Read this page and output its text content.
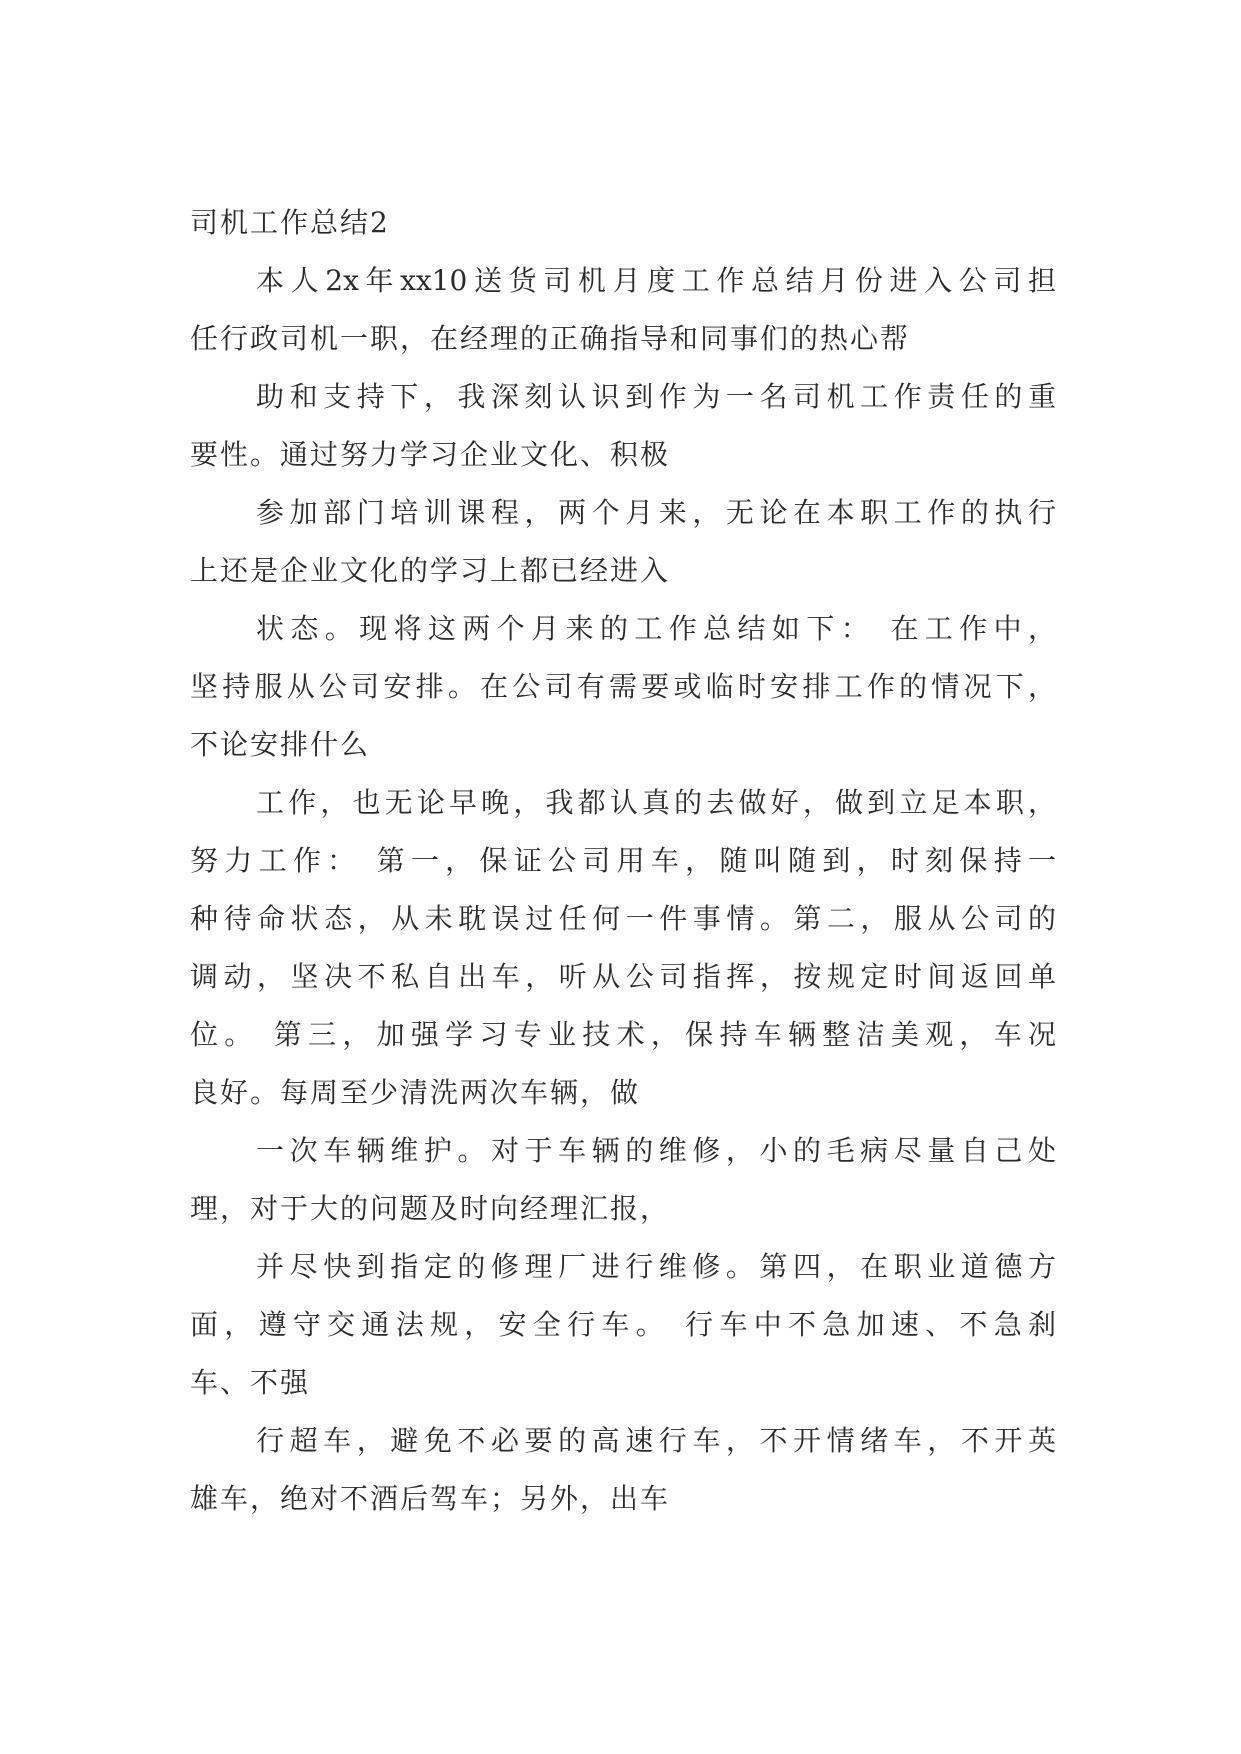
司机工作总结2
本人2x年xx10送货司机月度工作总结月份进入公司担
任行政司机一职，在经理的正确指导和同事们的热心帮
助和支持下，我深刻认识到作为一名司机工作责任的重
要性。通过努力学习企业文化、积极
参加部门培训课程，两个月来，无论在本职工作的执行
上还是企业文化的学习上都已经进入
状态。现将这两个月来的工作总结如下： 在工作中，
坚持服从公司安排。在公司有需要或临时安排工作的情况下，
不论安排什么
工作，也无论早晚，我都认真的去做好，做到立足本职，
努力工作： 第一，保证公司用车，随叫随到，时刻保持一
种待命状态，从未耽误过任何一件事情。第二，服从公司的
调动，坚决不私自出车，听从公司指挥，按规定时间返回单
位。 第三，加强学习专业技术，保持车辆整洁美观，车况
良好。每周至少清洗两次车辆，做
一次车辆维护。对于车辆的维修，小的毛病尽量自己处
理，对于大的问题及时向经理汇报，
并尽快到指定的修理厂进行维修。第四，在职业道德方
面，遵守交通法规，安全行车。 行车中不急加速、不急刹
车、不强
行超车，避免不必要的高速行车，不开情绪车，不开英
雄车，绝对不酒后驾车；另外，出车
